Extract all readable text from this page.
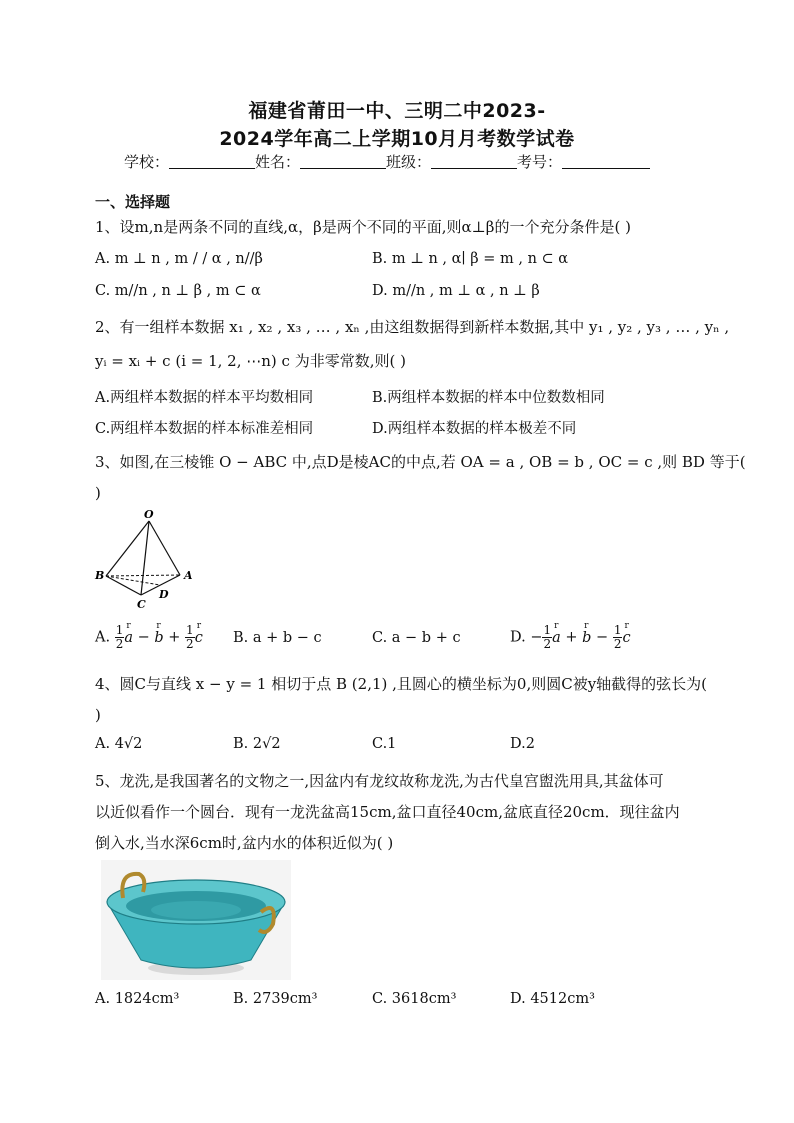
福建省莆田一中、三明二中2023-
2024学年高二上学期10月月考数学试卷
学校：	姓名：	班级：	考号：
一、选择题
1、设m,n是两条不同的直线,α，β是两个不同的平面,则α⊥β的一个充分条件是( )
A. m ⊥ n , m / / α , n//β	B. m ⊥ n , α∣ β = m , n ⊂ α
C. m//n , n ⊥ β , m ⊂ α	D. m//n , m ⊥ α , n ⊥ β
2、有一组样本数据 x₁ , x₂ , x₃ , … , xₙ ,由这组数据得到新样本数据,其中 y₁ , y₂ , y₃ , … , yₙ ,
yᵢ = xᵢ + c (i = 1, 2, ⋯n) c 为非零常数,则( )
A.两组样本数据的样本平均数相同	B.两组样本数据的样本中位数数相同
C.两组样本数据的样本标准差相同	D.两组样本数据的样本极差不同
3、如图,在三棱锥 O − ABC 中,点D是棱AC的中点,若 OA = a , OB = b , OC = c ,则 BD 等于(
)
O
A
B
C
D
A. $\frac{1}{2}$ r a − r $b + \frac{1}{2}$ r c B. a + b − c	C. a − b + c	D. − $\frac{1}{2}$ r a + r $b - \frac{1}{2}$ r c
4、圆C与直线 x − y = 1 相切于点 B (2,1) ,且圆心的横坐标为0,则圆C被y轴截得的弦长为(
)
A. 4√2	B. 2√2	C.1	D.2
5、龙洗,是我国著名的文物之一,因盆内有龙纹故称龙洗,为古代皇宫盥洗用具,其盆体可
以近似看作一个圆台．现有一龙洗盆高15cm,盆口直径40cm,盆底直径20cm．现往盆内
倒入水,当水深6cm时,盆内水的体积近似为( )
A. 1824cm³	B. 2739cm³	C. 3618cm³	D. 4512cm³
